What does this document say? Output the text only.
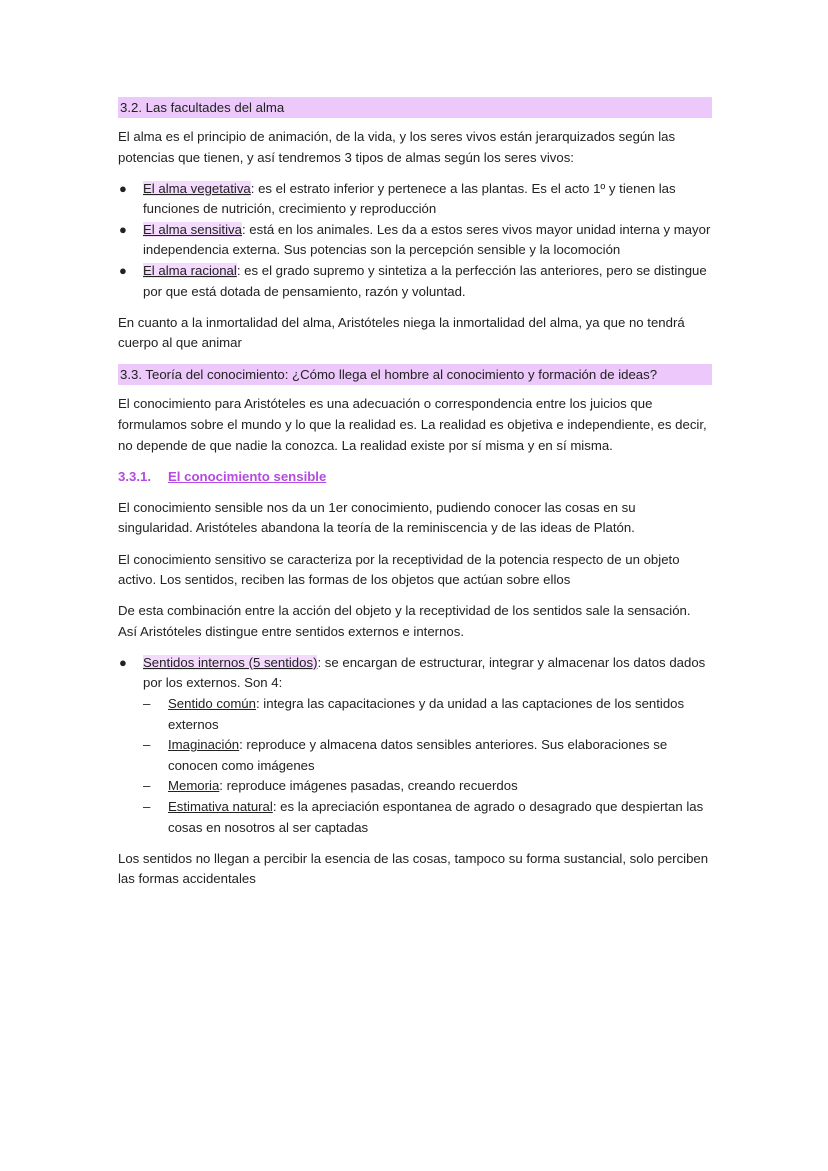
3.2. Las facultades del alma

El alma es el principio de animación, de la vida, y los seres vivos están jerarquizados según las potencias que tienen, y así tendremos 3 tipos de almas según los seres vivos:

● El alma vegetativa: es el estrato inferior y pertenece a las plantas. Es el acto 1º y tienen las funciones de nutrición, crecimiento y reproducción
● El alma sensitiva: está en los animales. Les da a estos seres vivos mayor unidad interna y mayor independencia externa. Sus potencias son la percepción sensible y la locomoción
● El alma racional: es el grado supremo y sintetiza a la perfección las anteriores, pero se distingue por que está dotada de pensamiento, razón y voluntad.

En cuanto a la inmortalidad del alma, Aristóteles niega la inmortalidad del alma, ya que no tendrá cuerpo al que animar

3.3. Teoría del conocimiento: ¿Cómo llega el hombre al conocimiento y formación de ideas?

El conocimiento para Aristóteles es una adecuación o correspondencia entre los juicios que formulamos sobre el mundo y lo que la realidad es. La realidad es objetiva e independiente, es decir, no depende de que nadie la conozca. La realidad existe por sí misma y en sí misma.

3.3.1. El conocimiento sensible

El conocimiento sensible nos da un 1er conocimiento, pudiendo conocer las cosas en su singularidad. Aristóteles abandona la teoría de la reminiscencia y de las ideas de Platón.

El conocimiento sensitivo se caracteriza por la receptividad de la potencia respecto de un objeto activo. Los sentidos, reciben las formas de los objetos que actúan sobre ellos

De esta combinación entre la acción del objeto y la receptividad de los sentidos sale la sensación. Así Aristóteles distingue entre sentidos externos e internos.

● Sentidos internos (5 sentidos): se encargan de estructurar, integrar y almacenar los datos dados por los externos. Son 4:
– Sentido común: integra las capacitaciones y da unidad a las captaciones de los sentidos externos
– Imaginación: reproduce y almacena datos sensibles anteriores. Sus elaboraciones se conocen como imágenes
– Memoria: reproduce imágenes pasadas, creando recuerdos
– Estimativa natural: es la apreciación espontanea de agrado o desagrado que despiertan las cosas en nosotros al ser captadas

Los sentidos no llegan a percibir la esencia de las cosas, tampoco su forma sustancial, solo perciben las formas accidentales
